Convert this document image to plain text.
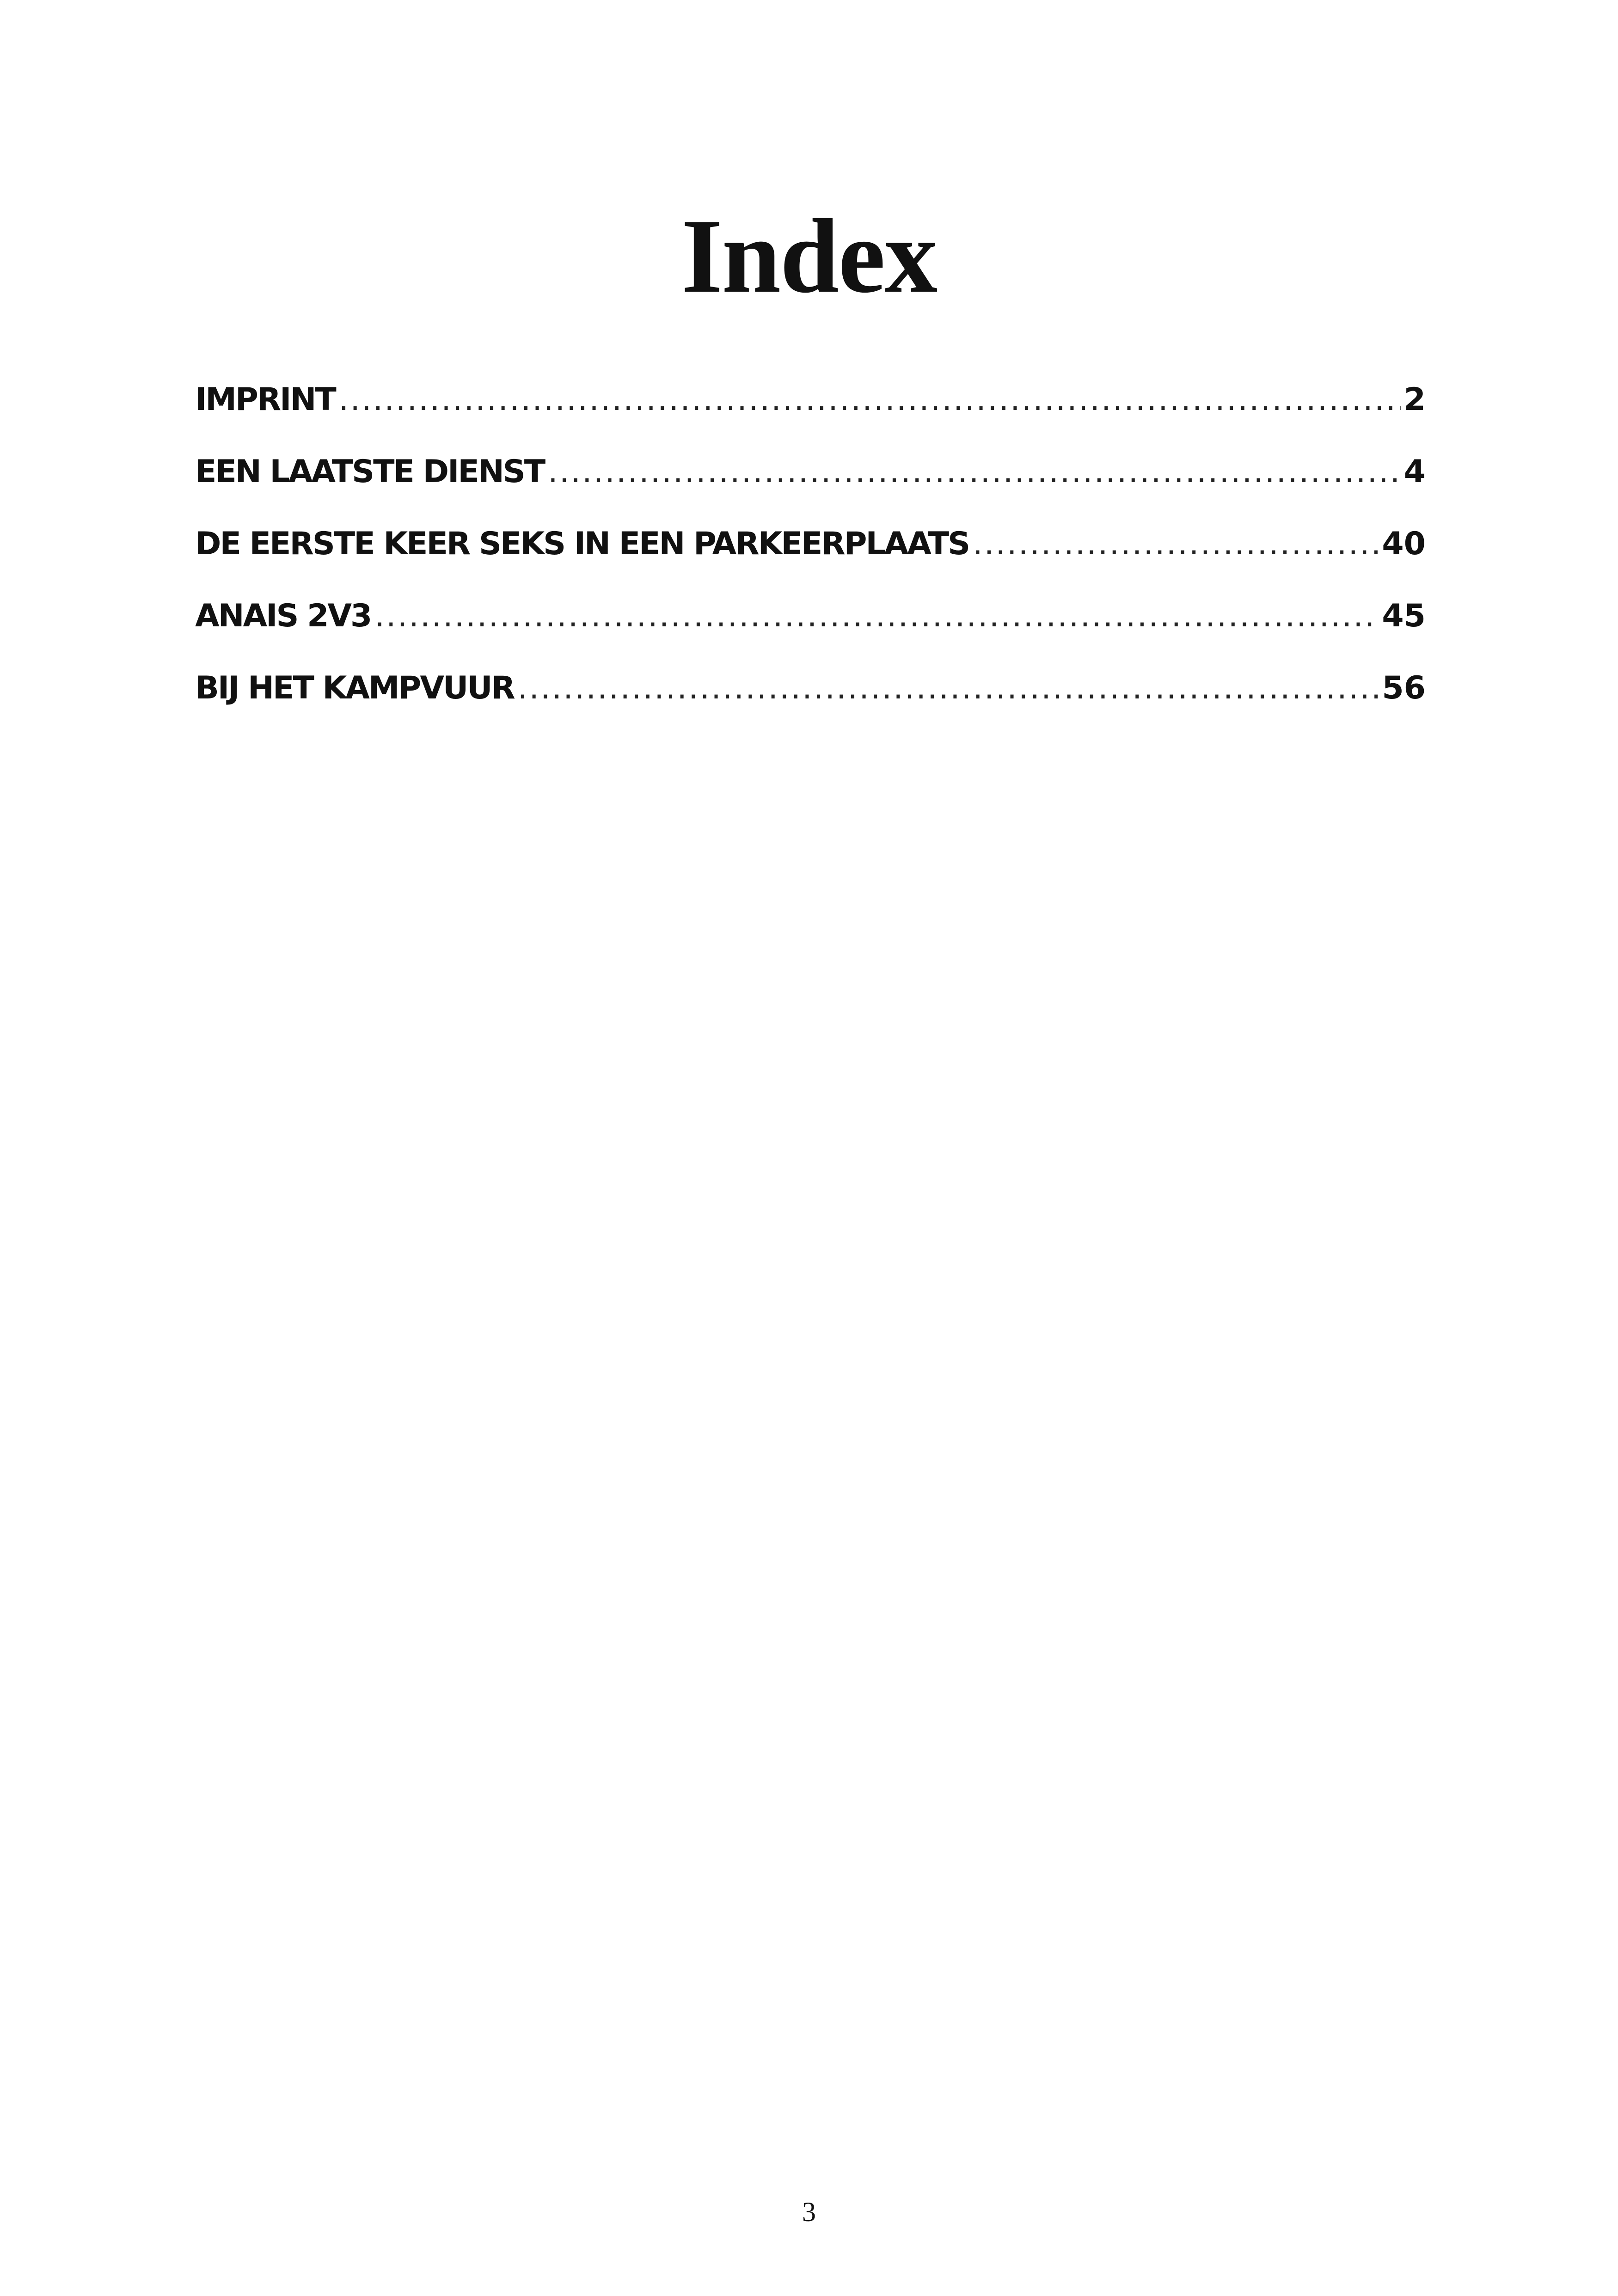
Index
IMPRINT .....	2
EEN LAATSTE DIENST .....	4
DE EERSTE KEER SEKS IN EEN PARKEERPLAATS .....	40
ANAIS 2V3 .....	45
BIJ HET KAMPVUUR .....	56
3
